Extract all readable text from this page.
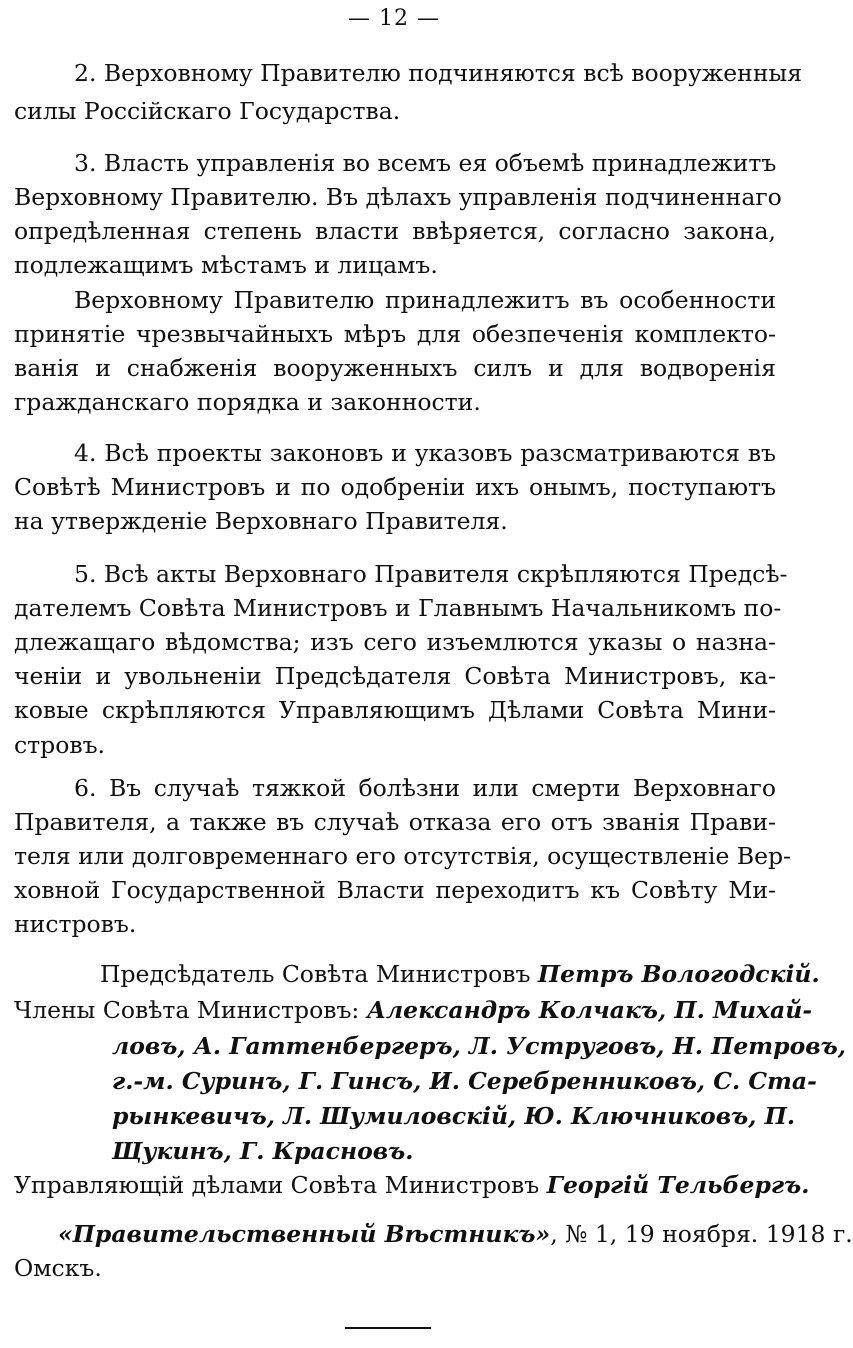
— 12 —
2. Верховному Правителю подчиняются всѣ вооруженныя
силы Россійскаго Государства.
3. Власть управленія во всемъ ея объемѣ принадлежитъ
Верховному Правителю. Въ дѣлахъ управленія подчиненнаго
опредѣленная степень власти ввѣряется, согласно закона,
подлежащимъ мѣстамъ и лицамъ.
Верховному Правителю принадлежитъ въ особенности
принятіе чрезвычайныхъ мѣръ для обезпеченія комплекто-
ванія и снабженія вооруженныхъ силъ и для водворенія
гражданскаго порядка и законности.
4. Всѣ проекты законовъ и указовъ разсматриваются въ
Совѣтѣ Министровъ и по одобреніи ихъ онымъ, поступаютъ
на утвержденіе Верховнаго Правителя.
5. Всѣ акты Верховнаго Правителя скрѣпляются Предсѣ-
дателемъ Совѣта Министровъ и Главнымъ Начальникомъ по-
длежащаго вѣдомства; изъ сего изъемлются указы о назна-
ченіи и увольненіи Предсѣдателя Совѣта Министровъ, ка-
ковые скрѣпляются Управляющимъ Дѣлами Совѣта Мини-
стровъ.
6. Въ случаѣ тяжкой болѣзни или смерти Верховнаго
Правителя, а также въ случаѣ отказа его отъ званія Прави-
теля или долговременнаго его отсутствія, осуществленіе Вер-
ховной Государственной Власти переходитъ къ Совѣту Ми-
нистровъ.
Предсѣдатель Совѣта Министровъ Петръ Вологодскій.
Члены Совѣта Министровъ: Александръ Колчакъ, П. Михай-
ловъ, А. Гаттенбергеръ, Л. Уструговъ, Н. Петровъ,
г.-м. Суринъ, Г. Гинсъ, И. Серебренниковъ, С. Ста-
рынкевичъ, Л. Шумиловскій, Ю. Ключниковъ, П.
Щукинъ, Г. Красновъ.
Управляющій дѣлами Совѣта Министровъ Георгій Тельбергъ.
«Правительственный Вѣстникъ», № 1, 19 ноября. 1918 г.
Омскъ.
